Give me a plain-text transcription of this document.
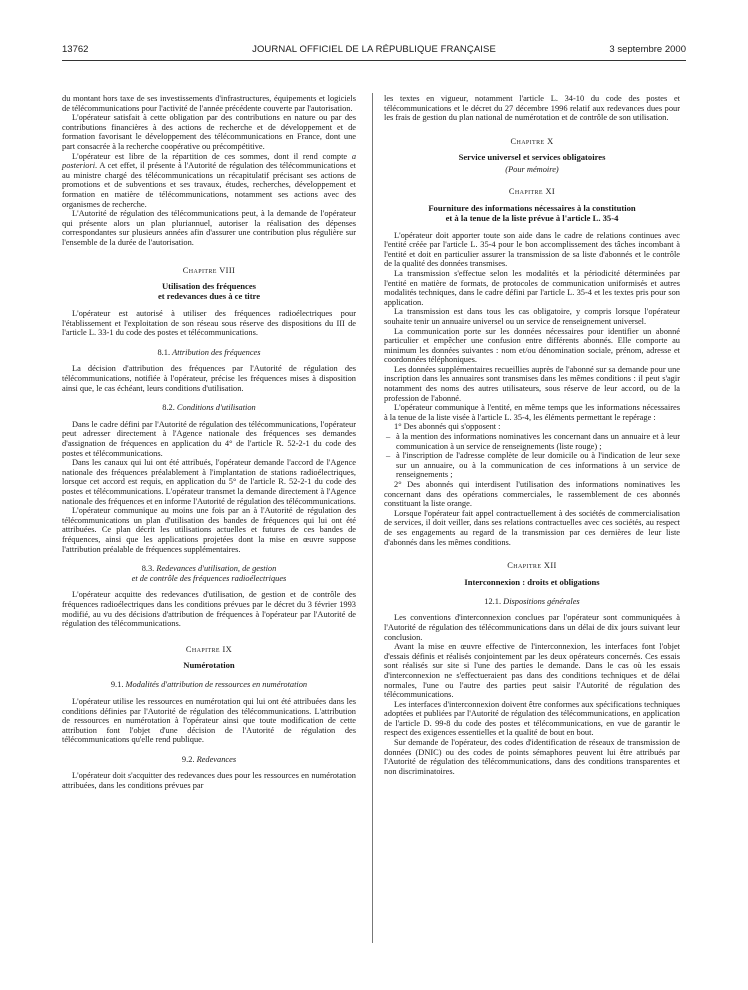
13762	JOURNAL OFFICIEL DE LA RÉPUBLIQUE FRANÇAISE	3 septembre 2000

du montant hors taxe de ses investissements d'infrastructures, équipements et logiciels de télécommunications pour l'activité de l'année précédente couverte par l'autorisation.

L'opérateur satisfait à cette obligation par des contributions en nature ou par des contributions financières à des actions de recherche et de développement et de formation favorisant le développement des télécommunications en France, dont une part consacrée à la recherche coopérative ou précompétitive.

L'opérateur est libre de la répartition de ces sommes, dont il rend compte a posteriori. A cet effet, il présente à l'Autorité de régulation des télécommunications et au ministre chargé des télécommunications un récapitulatif précisant ses actions de promotions et de subventions et ses travaux, études, recherches, développement et formation en matière de télécommunications, notamment ses actions avec des organismes de recherche.

L'Autorité de régulation des télécommunications peut, à la demande de l'opérateur qui présente alors un plan pluriannuel, autoriser la réalisation des dépenses correspondantes sur plusieurs années afin d'assurer une contribution plus régulière sur l'ensemble de la durée de l'autorisation.

Chapitre VIII
Utilisation des fréquences
et redevances dues à ce titre

L'opérateur est autorisé à utiliser des fréquences radioélectriques pour l'établissement et l'exploitation de son réseau sous réserve des dispositions du III de l'article L. 33-1 du code des postes et télécommunications.

8.1. Attribution des fréquences

La décision d'attribution des fréquences par l'Autorité de régulation des télécommunications, notifiée à l'opérateur, précise les fréquences mises à disposition ainsi que, le cas échéant, leurs conditions d'utilisation.

8.2. Conditions d'utilisation

Dans le cadre défini par l'Autorité de régulation des télécommunications, l'opérateur peut adresser directement à l'Agence nationale des fréquences ses demandes d'assignation de fréquences en application du 4° de l'article R. 52-2-1 du code des postes et télécommunications.

Dans les canaux qui lui ont été attribués, l'opérateur demande l'accord de l'Agence nationale des fréquences préalablement à l'implantation de stations radioélectriques, lorsque cet accord est requis, en application du 5° de l'article R. 52-2-1 du code des postes et télécommunications. L'opérateur transmet la demande directement à l'Agence nationale des fréquences et en informe l'Autorité de régulation des télécommunications.

L'opérateur communique au moins une fois par an à l'Autorité de régulation des télécommunications un plan d'utilisation des bandes de fréquences qui lui ont été attribuées. Ce plan décrit les utilisations actuelles et futures de ces bandes de fréquences, ainsi que les applications projetées dont la mise en œuvre suppose l'attribution préalable de fréquences supplémentaires.

8.3. Redevances d'utilisation, de gestion
et de contrôle des fréquences radioélectriques

L'opérateur acquitte des redevances d'utilisation, de gestion et de contrôle des fréquences radioélectriques dans les conditions prévues par le décret du 3 février 1993 modifié, au vu des décisions d'attribution de fréquences à l'opérateur par l'Autorité de régulation des télécommunications.

Chapitre IX
Numérotation
9.1. Modalités d'attribution de ressources en numérotation

L'opérateur utilise les ressources en numérotation qui lui ont été attribuées dans les conditions définies par l'Autorité de régulation des télécommunications. L'attribution de ressources en numérotation à l'opérateur ainsi que toute modification de cette attribution font l'objet d'une décision de l'Autorité de régulation des télécommunications qu'elle rend publique.

9.2. Redevances

L'opérateur doit s'acquitter des redevances dues pour les ressources en numérotation attribuées, dans les conditions prévues par

les textes en vigueur, notamment l'article L. 34-10 du code des postes et télécommunications et le décret du 27 décembre 1996 relatif aux redevances dues pour les frais de gestion du plan national de numérotation et de contrôle de son utilisation.

Chapitre X
Service universel et services obligatoires
(Pour mémoire)
Chapitre XI
Fourniture des informations nécessaires à la constitution
et à la tenue de la liste prévue à l'article L. 35-4

L'opérateur doit apporter toute son aide dans le cadre de relations continues avec l'entité créée par l'article L. 35-4 pour le bon accomplissement des tâches incombant à l'entité et doit en particulier assurer la transmission de sa liste d'abonnés et le contrôle de la qualité des données transmises.

La transmission s'effectue selon les modalités et la périodicité déterminées par l'entité en matière de formats, de protocoles de communication uniformisés et autres modalités techniques, dans le cadre défini par l'article L. 35-4 et les textes pris pour son application.

La transmission est dans tous les cas obligatoire, y compris lorsque l'opérateur souhaite tenir un annuaire universel ou un service de renseignement universel.

La communication porte sur les données nécessaires pour identifier un abonné particulier et empêcher une confusion entre différents abonnés. Elle comporte au minimum les données suivantes : nom et/ou dénomination sociale, prénom, adresse et coordonnées téléphoniques.

Les données supplémentaires recueillies auprès de l'abonné sur sa demande pour une inscription dans les annuaires sont transmises dans les mêmes conditions : il peut s'agir notamment des noms des autres utilisateurs, sous réserve de leur accord, ou de la profession de l'abonné.

L'opérateur communique à l'entité, en même temps que les informations nécessaires à la tenue de la liste visée à l'article L. 35-4, les éléments permettant le repérage :

1° Des abonnés qui s'opposent :

– à la mention des informations nominatives les concernant dans un annuaire et à leur communication à un service de renseignements (liste rouge) ;

– à l'inscription de l'adresse complète de leur domicile ou à l'indication de leur sexe sur un annuaire, ou à la communication de ces informations à un service de renseignements ;

2° Des abonnés qui interdisent l'utilisation des informations nominatives les concernant dans des opérations commerciales, le rassemblement de ces abonnés constituant la liste orange.

Lorsque l'opérateur fait appel contractuellement à des sociétés de commercialisation de services, il doit veiller, dans ses relations contractuelles avec ces sociétés, au respect de ses engagements au regard de la transmission par ces dernières de leur liste d'abonnés dans les mêmes conditions.

Chapitre XII
Interconnexion : droits et obligations
12.1. Dispositions générales

Les conventions d'interconnexion conclues par l'opérateur sont communiquées à l'Autorité de régulation des télécommunications dans un délai de dix jours suivant leur conclusion.

Avant la mise en œuvre effective de l'interconnexion, les interfaces font l'objet d'essais définis et réalisés conjointement par les deux opérateurs concernés. Ces essais sont réalisés sur site si l'une des parties le demande. Dans le cas où les essais d'interconnexion ne s'effectueraient pas dans des conditions techniques et de délai normales, l'une ou l'autre des parties peut saisir l'Autorité de régulation des télécommunications.

Les interfaces d'interconnexion doivent être conformes aux spécifications techniques adoptées et publiées par l'Autorité de régulation des télécommunications, en application de l'article D. 99-8 du code des postes et télécommunications, en vue de garantir le respect des exigences essentielles et la qualité de bout en bout.

Sur demande de l'opérateur, des codes d'identification de réseaux de transmission de données (DNIC) ou des codes de points sémaphores peuvent lui être attribués par l'Autorité de régulation des télécommunications, dans des conditions transparentes et non discriminatoires.
